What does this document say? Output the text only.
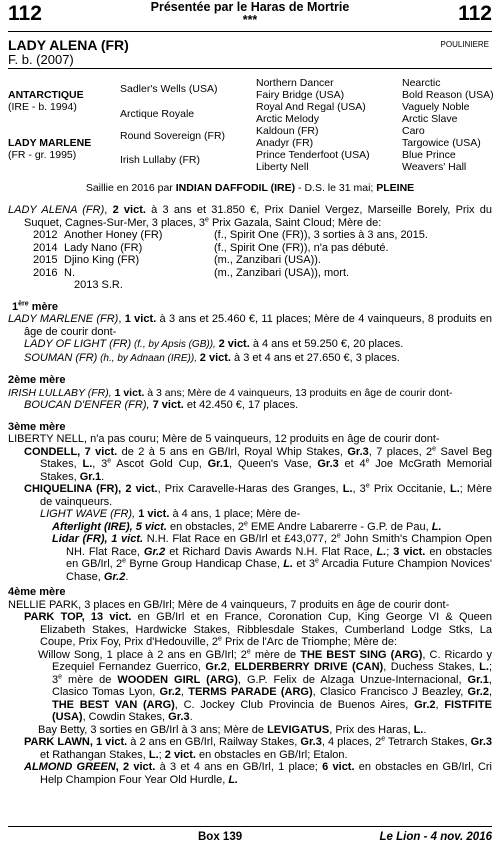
112	Présentée par le Haras de Mortrie
***	112
LADY ALENA (FR)
F. b. (2007)
POULINIERE
ANTARCTIQUE
(IRE - b. 1994)
LADY MARLENE
(FR - gr. 1995)
Sadler's Wells (USA)
Arctique Royale
Round Sovereign (FR)
Irish Lullaby (FR)
Northern Dancer
Fairy Bridge (USA)
Royal And Regal (USA)
Arctic Melody
Kaldoun (FR)
Anadyr (FR)
Prince Tenderfoot (USA)
Liberty Nell
Nearctic
Bold Reason (USA)
Vaguely Noble
Arctic Slave
Caro
Targowice (USA)
Blue Prince
Weavers' Hall
Saillie en 2016 par INDIAN DAFFODIL (IRE) - D.S. le 31 mai; PLEINE

LADY ALENA (FR), 2 vict. à 3 ans et 31.850 €, Prix Daniel Vergez, Marseille Borely, Prix du Suquet, Cagnes-Sur-Mer, 3 places, 3e Prix Gazala, Saint Cloud; Mère de:

2012 Another Honey (FR)	(f., Spirit One (FR)), 3 sorties à 3 ans, 2015.
2014 Lady Nano (FR)	(f., Spirit One (FR)), n'a pas débuté.
2015 Djino King (FR)	(m., Zanzibari (USA)).
2016 N.	(m., Zanzibari (USA)), mort.
2013 S.R.

1ère mère

LADY MARLENE (FR), 1 vict. à 3 ans et 25.460 €, 11 places; Mère de 4 vainqueurs, 8 produits en âge de courir dont-

LADY OF LIGHT (FR) (f., by Apsis (GB)), 2 vict. à 4 ans et 59.250 €, 20 places.

SOUMAN (FR) (h., by Adnaan (IRE)), 2 vict. à 3 et 4 ans et 27.650 €, 3 places.

2ème mère

IRISH LULLABY (FR), 1 vict. à 3 ans; Mère de 4 vainqueurs, 13 produits en âge de courir dont-

BOUCAN D'ENFER (FR), 7 vict. et 42.450 €, 17 places.

3ème mère

LIBERTY NELL, n'a pas couru; Mère de 5 vainqueurs, 12 produits en âge de courir dont-

CONDELL, 7 vict. de 2 à 5 ans en GB/Irl, Royal Whip Stakes, Gr.3, 7 places, 2e Savel Beg Stakes, L., 3e Ascot Gold Cup, Gr.1, Queen's Vase, Gr.3 et 4e Joe McGrath Memorial Stakes, Gr.1.

CHIQUELINA (FR), 2 vict., Prix Caravelle-Haras des Granges, L., 3e Prix Occitanie, L.; Mère de vainqueurs.

LIGHT WAVE (FR), 1 vict. à 4 ans, 1 place; Mère de-

Afterlight (IRE), 5 vict. en obstacles, 2e EME Andre Labarerre - G.P. de Pau, L.

Lidar (FR), 1 vict. N.H. Flat Race en GB/Irl et £43,077, 2e John Smith's Champion Open NH. Flat Race, Gr.2 et Richard Davis Awards N.H. Flat Race, L.; 3 vict. en obstacles en GB/Irl, 2e Byrne Group Handicap Chase, L. et 3e Arcadia Future Champion Novices' Chase, Gr.2.

4ème mère

NELLIE PARK, 3 places en GB/Irl; Mère de 4 vainqueurs, 7 produits en âge de courir dont-

PARK TOP, 13 vict. en GB/Irl et en France, Coronation Cup, King George VI & Queen Elizabeth Stakes, Hardwicke Stakes, Ribblesdale Stakes, Cumberland Lodge Stks, La Coupe, Prix Foy, Prix d'Hedouville, 2e Prix de l'Arc de Triomphe; Mère de:

Willow Song, 1 place à 2 ans en GB/Irl; 2e mère de THE BEST SING (ARG), C. Ricardo y Ezequiel Fernandez Guerrico, Gr.2, ELDERBERRY DRIVE (CAN), Duchess Stakes, L.; 3e mère de WOODEN GIRL (ARG), G.P. Felix de Alzaga Unzue-Internacional, Gr.1, Clasico Tomas Lyon, Gr.2, TERMS PARADE (ARG), Clasico Francisco J Beazley, Gr.2, THE BEST VAN (ARG), C. Jockey Club Provincia de Buenos Aires, Gr.2, FISTFITE (USA), Cowdin Stakes, Gr.3.

Bay Betty, 3 sorties en GB/Irl à 3 ans; Mère de LEVIGATUS, Prix des Haras, L..

PARK LAWN, 1 vict. à 2 ans en GB/Irl, Railway Stakes, Gr.3, 4 places, 2e Tetrarch Stakes, Gr.3 et Rathangan Stakes, L.; 2 vict. en obstacles en GB/Irl; Etalon.

ALMOND GREEN, 2 vict. à 3 et 4 ans en GB/Irl, 1 place; 6 vict. en obstacles en GB/Irl, Cri Help Champion Four Year Old Hurdle, L.

Box 139	Le Lion - 4 nov. 2016
